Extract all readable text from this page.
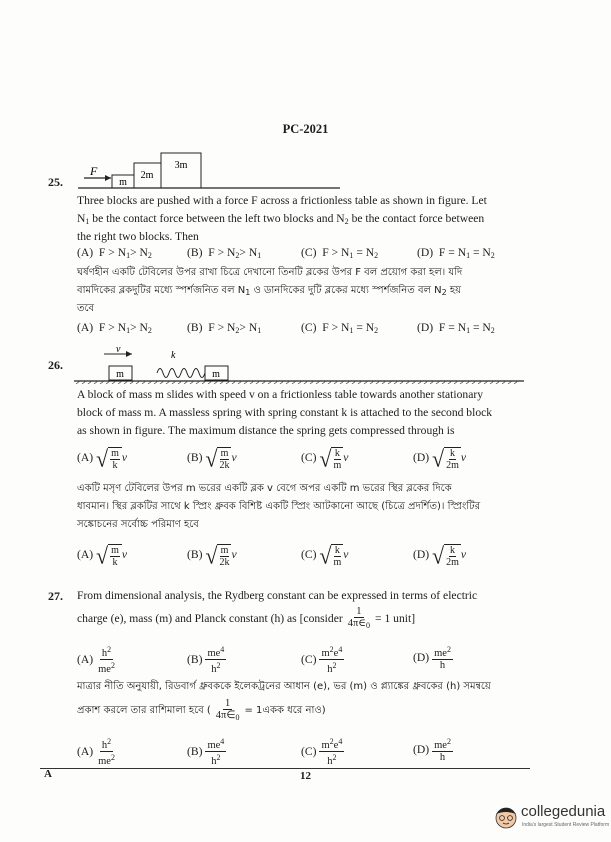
PC-2021
25.
F
m
2m
3m
Three blocks are pushed with a force F across a frictionless table as shown in figure. Let
$N_1$ be the contact force between the left two blocks and $N_2$ be the contact force between
the right two blocks. Then
(A)  $F > N_1> N_2$	(B)  $F > N_2> N_1$	(C)  $F > N_1 = N_2$	(D)  $F = N_1 = N_2$
ঘর্ষণহীন একটি টেবিলের উপর রাখা চিত্রে দেখানো তিনটি ব্লকের উপর F বল প্রয়োগ করা হল। যদি
বামদিকের ব্লকদুটির মধ্যে স্পর্শজনিত বল $N_1$ ও ডানদিকের দুটি ব্লকের মধ্যে স্পর্শজনিত বল $N_2$ হয়
তবে
(A)  $F > N_1> N_2$	(B)  $F > N_2> N_1$	(C)  $F > N_1 = N_2$	(D)  $F = N_1 = N_2$
26.
v
k
m	m
A block of mass m slides with speed v on a frictionless table towards another stationary
block of mass m. A massless spring with spring constant k is attached to the second block
as shown in figure. The maximum distance the spring gets compressed through is
(A) √ m
k
v	(B) √ m
2k
v	(C) √ k
m
v	(D) √ k
2m
v
একটি মসৃণ টেবিলের উপর m ভরের একটি ব্লক v বেগে অপর একটি m ভরের স্থির ব্লকের দিকে
ধাবমান। স্থির ব্লকটির সাথে k স্প্রিং ধ্রুবক বিশিষ্ট একটি স্প্রিং আটকানো আছে (চিত্রে প্রদর্শিত)। স্প্রিংটির
সঙ্কোচনের সর্বোচ্চ পরিমাণ হবে
(A) √ m
k
v	(B) √ m
2k
v	(C) √ k
m
v	(D) √ k
2m
v
27. From dimensional analysis, the Rydberg constant can be expressed in terms of electric
charge (e), mass (m) and Planck constant (h) as [consider $\frac{1}{4\pi\in_0} = 1$ unit]
$(A) \frac{h^2}{me^2}$	$(B) \frac{me^4}{h^2}$	$(C) \frac{m^2e^4}{h^2}$	$(D) \frac{me^2}{h}$
মাত্রার নীতি অনুযায়ী, রিডবার্গ ধ্রুবককে ইলেকট্রনের আধান (e), ভর (m) ও প্ল্যাঙ্কের ধ্রুবকের (h) সমন্বয়ে
প্রকাশ করলে তার রাশিমালা হবে ( $\frac{1}{4\pi\in_0}$ = 1একক ধরে নাও)
$(A) \frac{h^2}{me^2}$	$(B) \frac{me^4}{h^2}$	$(C) \frac{m^2e^4}{h^2}$	$(D) \frac{me^2}{h}$
A	12
collegedunia
India's largest Student Review Platform
